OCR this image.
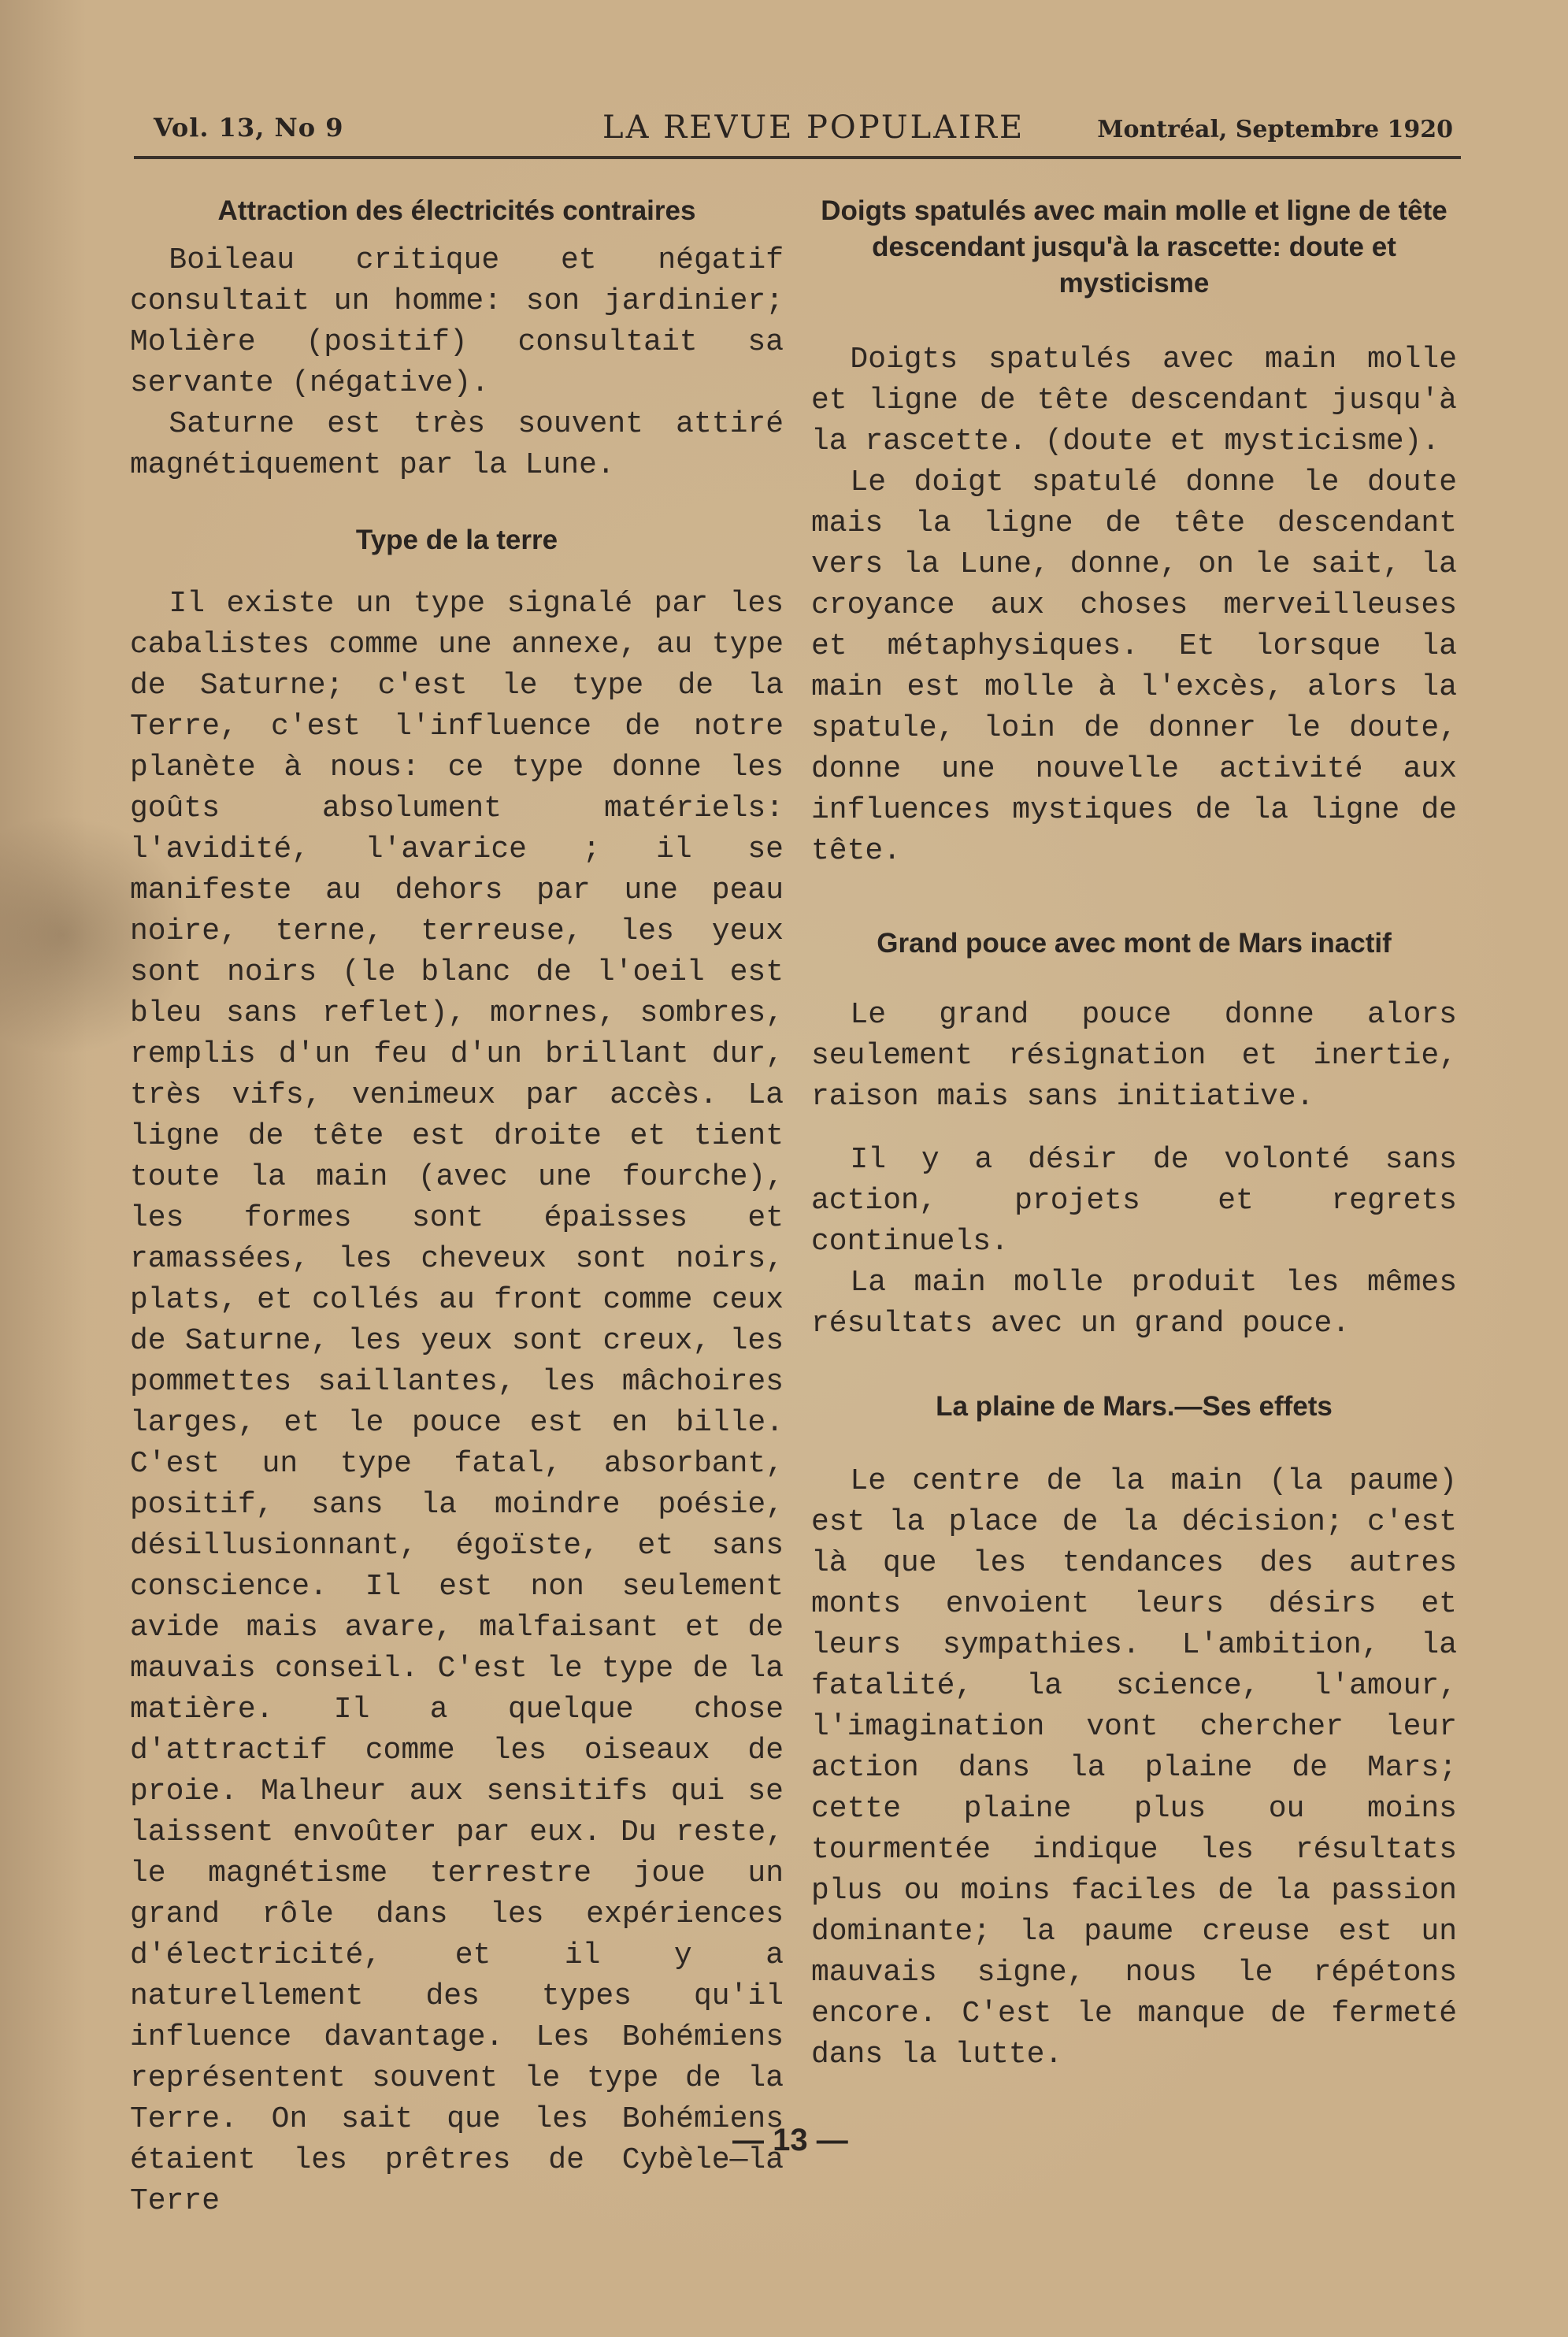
Vol. 13, No 9	LA REVUE POPULAIRE	Montréal, Septembre 1920
Attraction des électricités contraires

Boileau critique et négatif consultait un homme: son jardinier; Molière (positif) consultait sa servante (négative).

Saturne est très souvent attiré magnétiquement par la Lune.

Type de la terre

Il existe un type signalé par les cabalistes comme une annexe, au type de Saturne; c'est le type de la Terre, c'est l'influence de notre planète à nous: ce type donne les goûts absolument matériels: l'avidité, l'avarice ; il se manifeste au dehors par une peau noire, terne, terreuse, les yeux sont noirs (le blanc de l'oeil est bleu sans reflet), mornes, sombres, remplis d'un feu d'un brillant dur, très vifs, venimeux par accès. La ligne de tête est droite et tient toute la main (avec une fourche), les formes sont épaisses et ramassées, les cheveux sont noirs, plats, et collés au front comme ceux de Saturne, les yeux sont creux, les pommettes saillantes, les mâchoires larges, et le pouce est en bille. C'est un type fatal, absorbant, positif, sans la moindre poésie, désillusionnant, égoïste, et sans conscience. Il est non seulement avide mais avare, malfaisant et de mauvais conseil. C'est le type de la matière. Il a quelque chose d'attractif comme les oiseaux de proie. Malheur aux sensitifs qui se laissent envoûter par eux. Du reste, le magnétisme terrestre joue un grand rôle dans les expériences d'électricité, et il y a naturellement des types qu'il influence davantage. Les Bohémiens représentent souvent le type de la Terre. On sait que les Bohémiens étaient les prêtres de Cybèle—la Terre

Doigts spatulés avec main molle et ligne de tête descendant jusqu'à la rascette: doute et mysticisme

Doigts spatulés avec main molle et ligne de tête descendant jusqu'à la rascette. (doute et mysticisme).

Le doigt spatulé donne le doute mais la ligne de tête descendant vers la Lune, donne, on le sait, la croyance aux choses merveilleuses et métaphysiques. Et lorsque la main est molle à l'excès, alors la spatule, loin de donner le doute, donne une nouvelle activité aux influences mystiques de la ligne de tête.

Grand pouce avec mont de Mars inactif

Le grand pouce donne alors seulement résignation et inertie, raison mais sans initiative.

Il y a désir de volonté sans action, projets et regrets continuels.

La main molle produit les mêmes résultats avec un grand pouce.

La plaine de Mars.—Ses effets

Le centre de la main (la paume) est la place de la décision; c'est là que les tendances des autres monts envoient leurs désirs et leurs sympathies. L'ambition, la fatalité, la science, l'amour, l'imagination vont chercher leur action dans la plaine de Mars; cette plaine plus ou moins tourmentée indique les résultats plus ou moins faciles de la passion dominante; la paume creuse est un mauvais signe, nous le répétons encore. C'est le manque de fermeté dans la lutte.

— 13 —
